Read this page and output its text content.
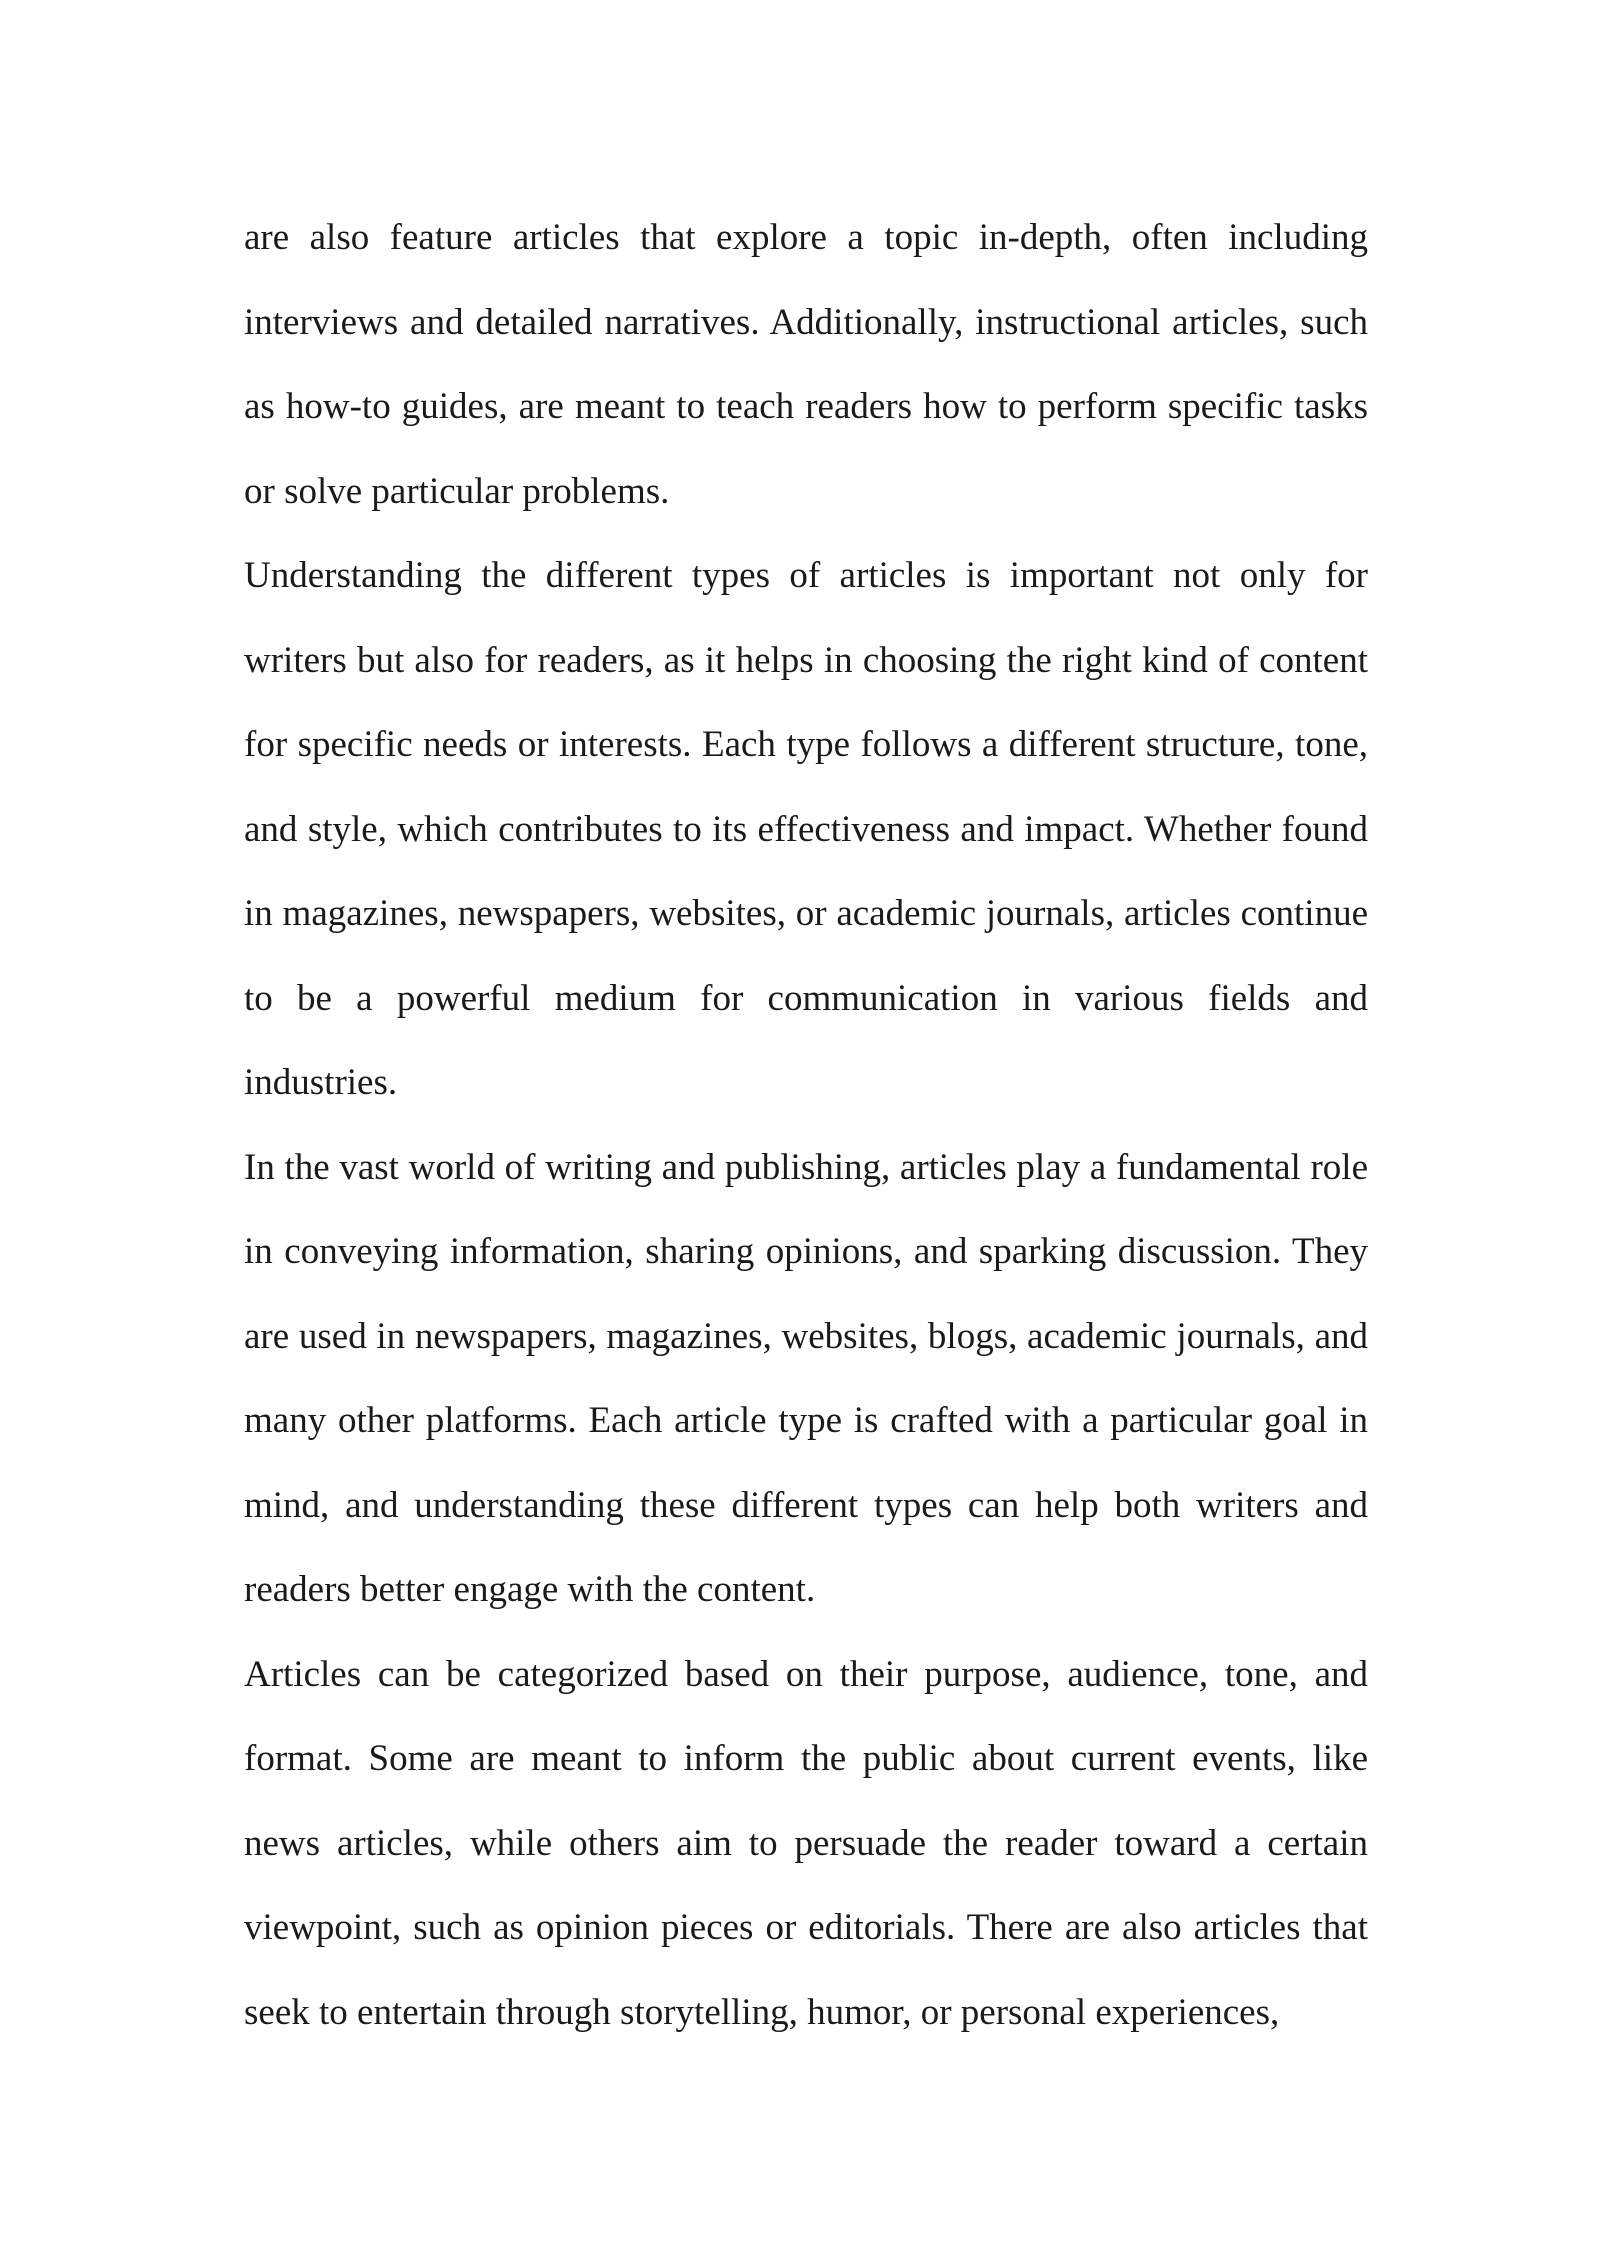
are also feature articles that explore a topic in-depth, often including interviews and detailed narratives. Additionally, instructional articles, such as how-to guides, are meant to teach readers how to perform specific tasks or solve particular problems.

Understanding the different types of articles is important not only for writers but also for readers, as it helps in choosing the right kind of content for specific needs or interests. Each type follows a different structure, tone, and style, which contributes to its effectiveness and impact. Whether found in magazines, newspapers, websites, or academic journals, articles continue to be a powerful medium for communication in various fields and industries.

In the vast world of writing and publishing, articles play a fundamental role in conveying information, sharing opinions, and sparking discussion. They are used in newspapers, magazines, websites, blogs, academic journals, and many other platforms. Each article type is crafted with a particular goal in mind, and understanding these different types can help both writers and readers better engage with the content.

Articles can be categorized based on their purpose, audience, tone, and format. Some are meant to inform the public about current events, like news articles, while others aim to persuade the reader toward a certain viewpoint, such as opinion pieces or editorials. There are also articles that seek to entertain through storytelling, humor, or personal experiences,
